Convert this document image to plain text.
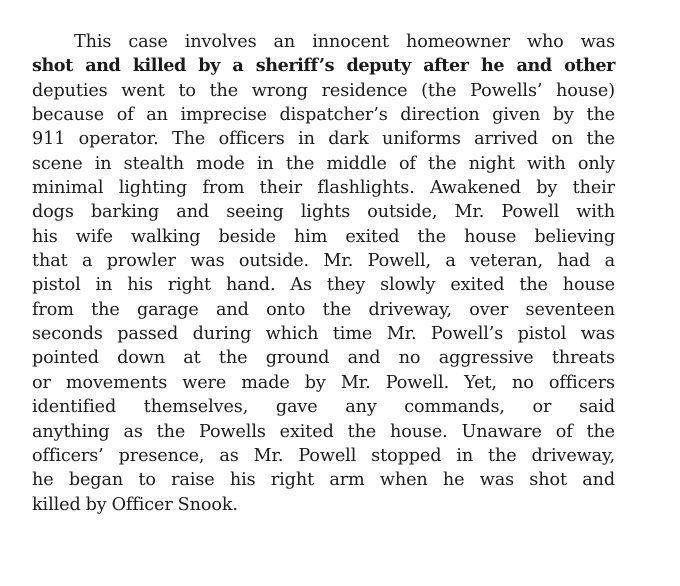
This case involves an innocent homeowner who was
shot and killed by a sheriff’s deputy after he and other
deputies went to the wrong residence (the Powells’ house)
because of an imprecise dispatcher’s direction given by the
911 operator. The officers in dark uniforms arrived on the
scene in stealth mode in the middle of the night with only
minimal lighting from their flashlights. Awakened by their
dogs barking and seeing lights outside, Mr. Powell with
his wife walking beside him exited the house believing
that a prowler was outside. Mr. Powell, a veteran, had a
pistol in his right hand. As they slowly exited the house
from the garage and onto the driveway, over seventeen
seconds passed during which time Mr. Powell’s pistol was
pointed down at the ground and no aggressive threats
or movements were made by Mr. Powell. Yet, no officers
identified themselves, gave any commands, or said
anything as the Powells exited the house. Unaware of the
officers’ presence, as Mr. Powell stopped in the driveway,
he began to raise his right arm when he was shot and
killed by Officer Snook.
